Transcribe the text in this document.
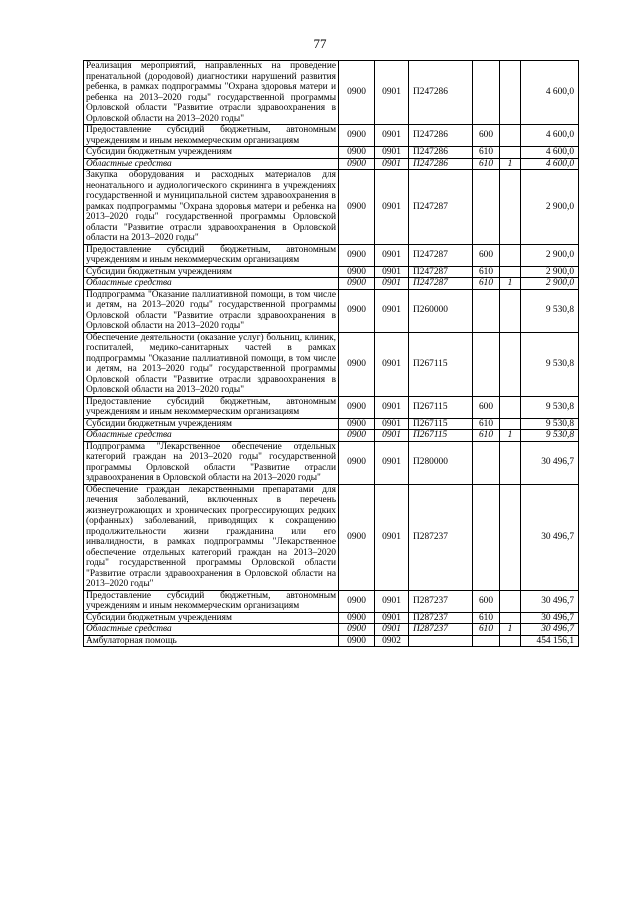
77
Реализация мероприятий, направленных на проведение пренатальной (дородовой) диагностики нарушений развития ребенка, в рамках подпрограммы "Охрана здоровья матери и ребенка на 2013–2020 годы" государственной программы Орловской области "Развитие отрасли здравоохранения в Орловской области на 2013–2020 годы"	0900	0901	П247286			4 600,0
Предоставление субсидий бюджетным, автономным учреждениям и иным некоммерческим организациям	0900	0901	П247286	600		4 600,0
Субсидии бюджетным учреждениям	0900	0901	П247286	610		4 600,0
Областные средства	0900	0901	П247286	610	1	4 600,0
Закупка оборудования и расходных материалов для неонатального и аудиологического скрининга в учреждениях государственной и муниципальной систем здравоохранения в рамках подпрограммы "Охрана здоровья матери и ребенка на 2013–2020 годы" государственной программы Орловской области "Развитие отрасли здравоохранения в Орловской области на 2013–2020 годы"	0900	0901	П247287			2 900,0
Предоставление субсидий бюджетным, автономным учреждениям и иным некоммерческим организациям	0900	0901	П247287	600		2 900,0
Субсидии бюджетным учреждениям	0900	0901	П247287	610		2 900,0
Областные средства	0900	0901	П247287	610	1	2 900,0
Подпрограмма "Оказание паллиативной помощи, в том числе и детям, на 2013–2020 годы" государственной программы Орловской области "Развитие отрасли здравоохранения в Орловской области на 2013–2020 годы"	0900	0901	П260000			9 530,8
Обеспечение деятельности (оказание услуг) больниц, клиник, госпиталей, медико-санитарных частей в рамках подпрограммы "Оказание паллиативной помощи, в том числе и детям, на 2013–2020 годы" государственной программы Орловской области "Развитие отрасли здравоохранения в Орловской области на 2013–2020 годы"	0900	0901	П267115			9 530,8
Предоставление субсидий бюджетным, автономным учреждениям и иным некоммерческим организациям	0900	0901	П267115	600		9 530,8
Субсидии бюджетным учреждениям	0900	0901	П267115	610		9 530,8
Областные средства	0900	0901	П267115	610	1	9 530,8
Подпрограмма "Лекарственное обеспечение отдельных категорий граждан на 2013–2020 годы" государственной программы Орловской области "Развитие отрасли здравоохранения в Орловской области на 2013–2020 годы"	0900	0901	П280000			30 496,7
Обеспечение граждан лекарственными препаратами для лечения заболеваний, включенных в перечень жизнеугрожающих и хронических прогрессирующих редких (орфанных) заболеваний, приводящих к сокращению продолжительности жизни гражданина или его инвалидности, в рамках подпрограммы "Лекарственное обеспечение отдельных категорий граждан на 2013–2020 годы" государственной программы Орловской области "Развитие отрасли здравоохранения в Орловской области на 2013–2020 годы"	0900	0901	П287237			30 496,7
Предоставление субсидий бюджетным, автономным учреждениям и иным некоммерческим организациям	0900	0901	П287237	600		30 496,7
Субсидии бюджетным учреждениям	0900	0901	П287237	610		30 496,7
Областные средства	0900	0901	П287237	610	1	30 496,7
Амбулаторная помощь	0900	0902				454 156,1
